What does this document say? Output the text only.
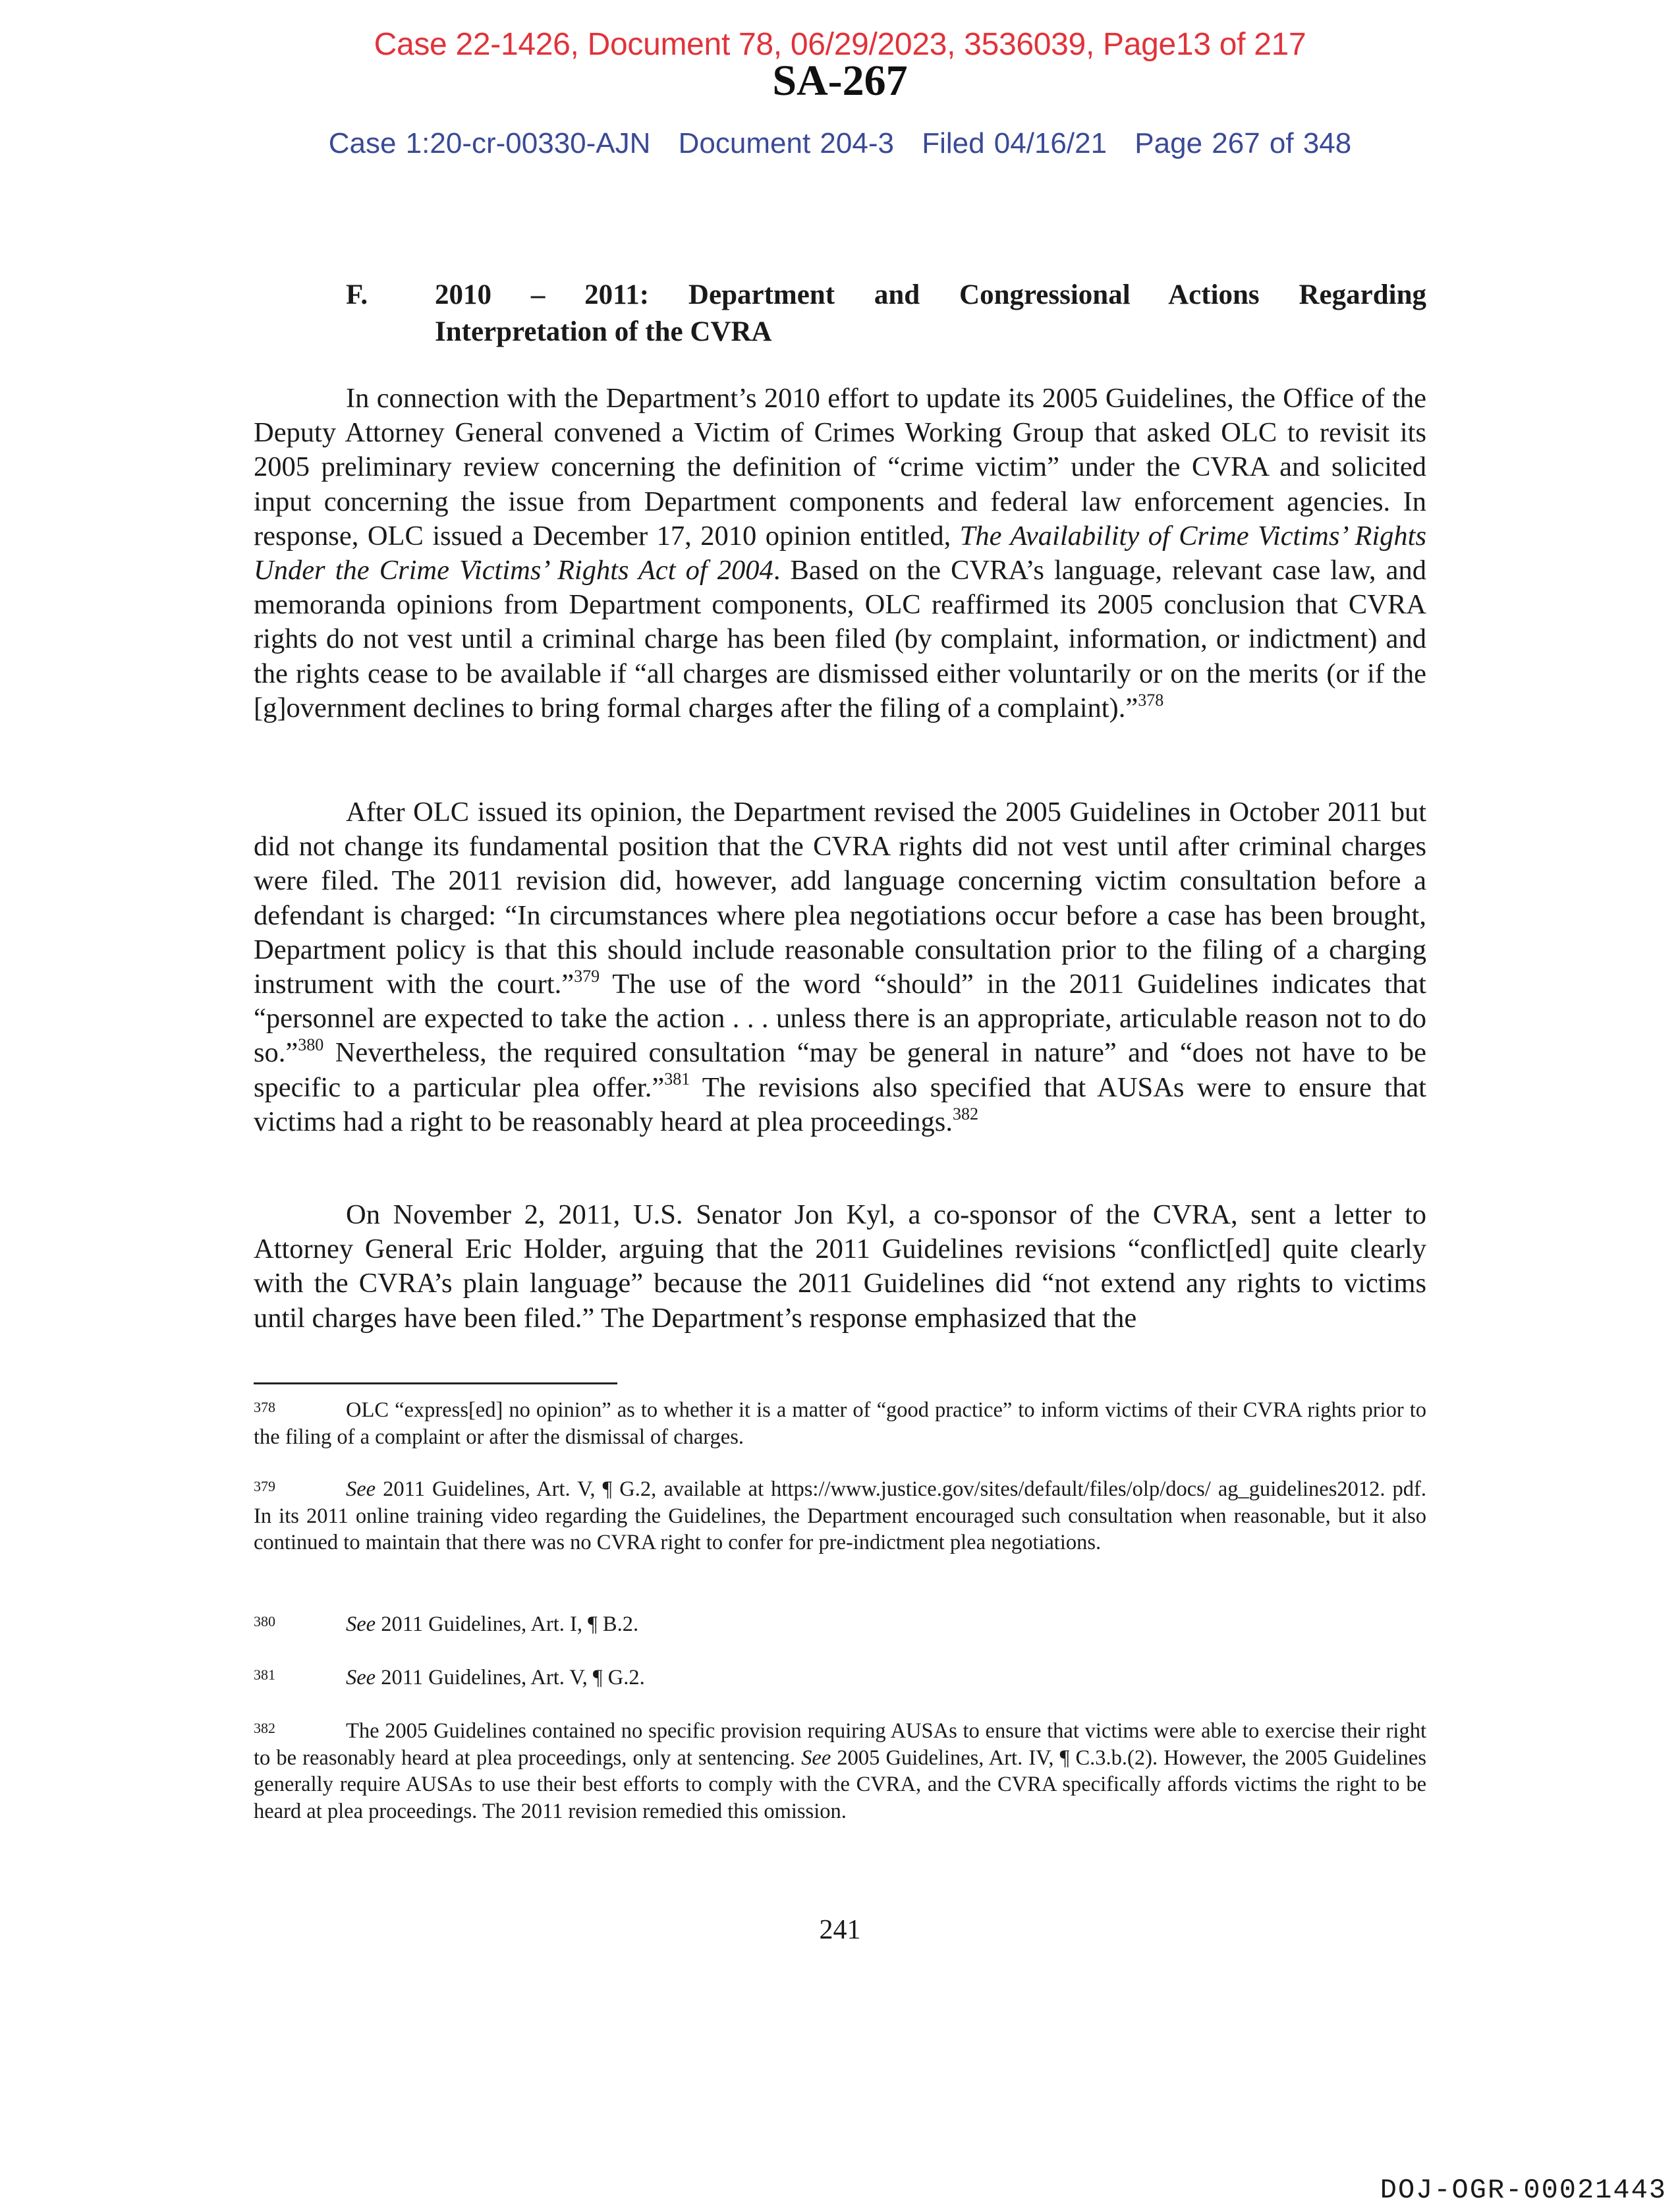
Case 22-1426, Document 78, 06/29/2023, 3536039, Page13 of 217
SA-267
Case 1:20-cr-00330-AJN Document 204-3 Filed 04/16/21 Page 267 of 348
F. 2010 – 2011: Department and Congressional Actions Regarding
Interpretation of the CVRA

In connection with the Department’s 2010 effort to update its 2005 Guidelines, the Office of the Deputy Attorney General convened a Victim of Crimes Working Group that asked OLC to revisit its 2005 preliminary review concerning the definition of “crime victim” under the CVRA and solicited input concerning the issue from Department components and federal law enforcement agencies. In response, OLC issued a December 17, 2010 opinion entitled, The Availability of Crime Victims’ Rights Under the Crime Victims’ Rights Act of 2004. Based on the CVRA’s language, relevant case law, and memoranda opinions from Department components, OLC reaffirmed its 2005 conclusion that CVRA rights do not vest until a criminal charge has been filed (by complaint, information, or indictment) and the rights cease to be available if “all charges are dismissed either voluntarily or on the merits (or if the [g]overnment declines to bring formal charges after the filing of a complaint).”$^{378}$

After OLC issued its opinion, the Department revised the 2005 Guidelines in October 2011 but did not change its fundamental position that the CVRA rights did not vest until after criminal charges were filed. The 2011 revision did, however, add language concerning victim consultation before a defendant is charged: “In circumstances where plea negotiations occur before a case has been brought, Department policy is that this should include reasonable consultation prior to the filing of a charging instrument with the court.”$^{379}$ The use of the word “should” in the 2011 Guidelines indicates that “personnel are expected to take the action . . . unless there is an appropriate, articulable reason not to do so.”$^{380}$ Nevertheless, the required consultation “may be general in nature” and “does not have to be specific to a particular plea offer.”$^{381}$ The revisions also specified that AUSAs were to ensure that victims had a right to be reasonably heard at plea proceedings.$^{382}$

On November 2, 2011, U.S. Senator Jon Kyl, a co-sponsor of the CVRA, sent a letter to Attorney General Eric Holder, arguing that the 2011 Guidelines revisions “conflict[ed] quite clearly with the CVRA’s plain language” because the 2011 Guidelines did “not extend any rights to victims until charges have been filed.” The Department’s response emphasized that the

378	OLC “express[ed] no opinion” as to whether it is a matter of “good practice” to inform victims of their CVRA rights prior to the filing of a complaint or after the dismissal of charges.
379	See 2011 Guidelines, Art. V, ¶ G.2, available at https://www.justice.gov/sites/default/files/olp/docs/ ag_guidelines2012. pdf. In its 2011 online training video regarding the Guidelines, the Department encouraged such consultation when reasonable, but it also continued to maintain that there was no CVRA right to confer for pre-indictment plea negotiations.
380	See 2011 Guidelines, Art. I, ¶ B.2.
381	See 2011 Guidelines, Art. V, ¶ G.2.
382	The 2005 Guidelines contained no specific provision requiring AUSAs to ensure that victims were able to exercise their right to be reasonably heard at plea proceedings, only at sentencing. See 2005 Guidelines, Art. IV, ¶ C.3.b.(2). However, the 2005 Guidelines generally require AUSAs to use their best efforts to comply with the CVRA, and the CVRA specifically affords victims the right to be heard at plea proceedings. The 2011 revision remedied this omission.
241
DOJ-OGR-00021443
